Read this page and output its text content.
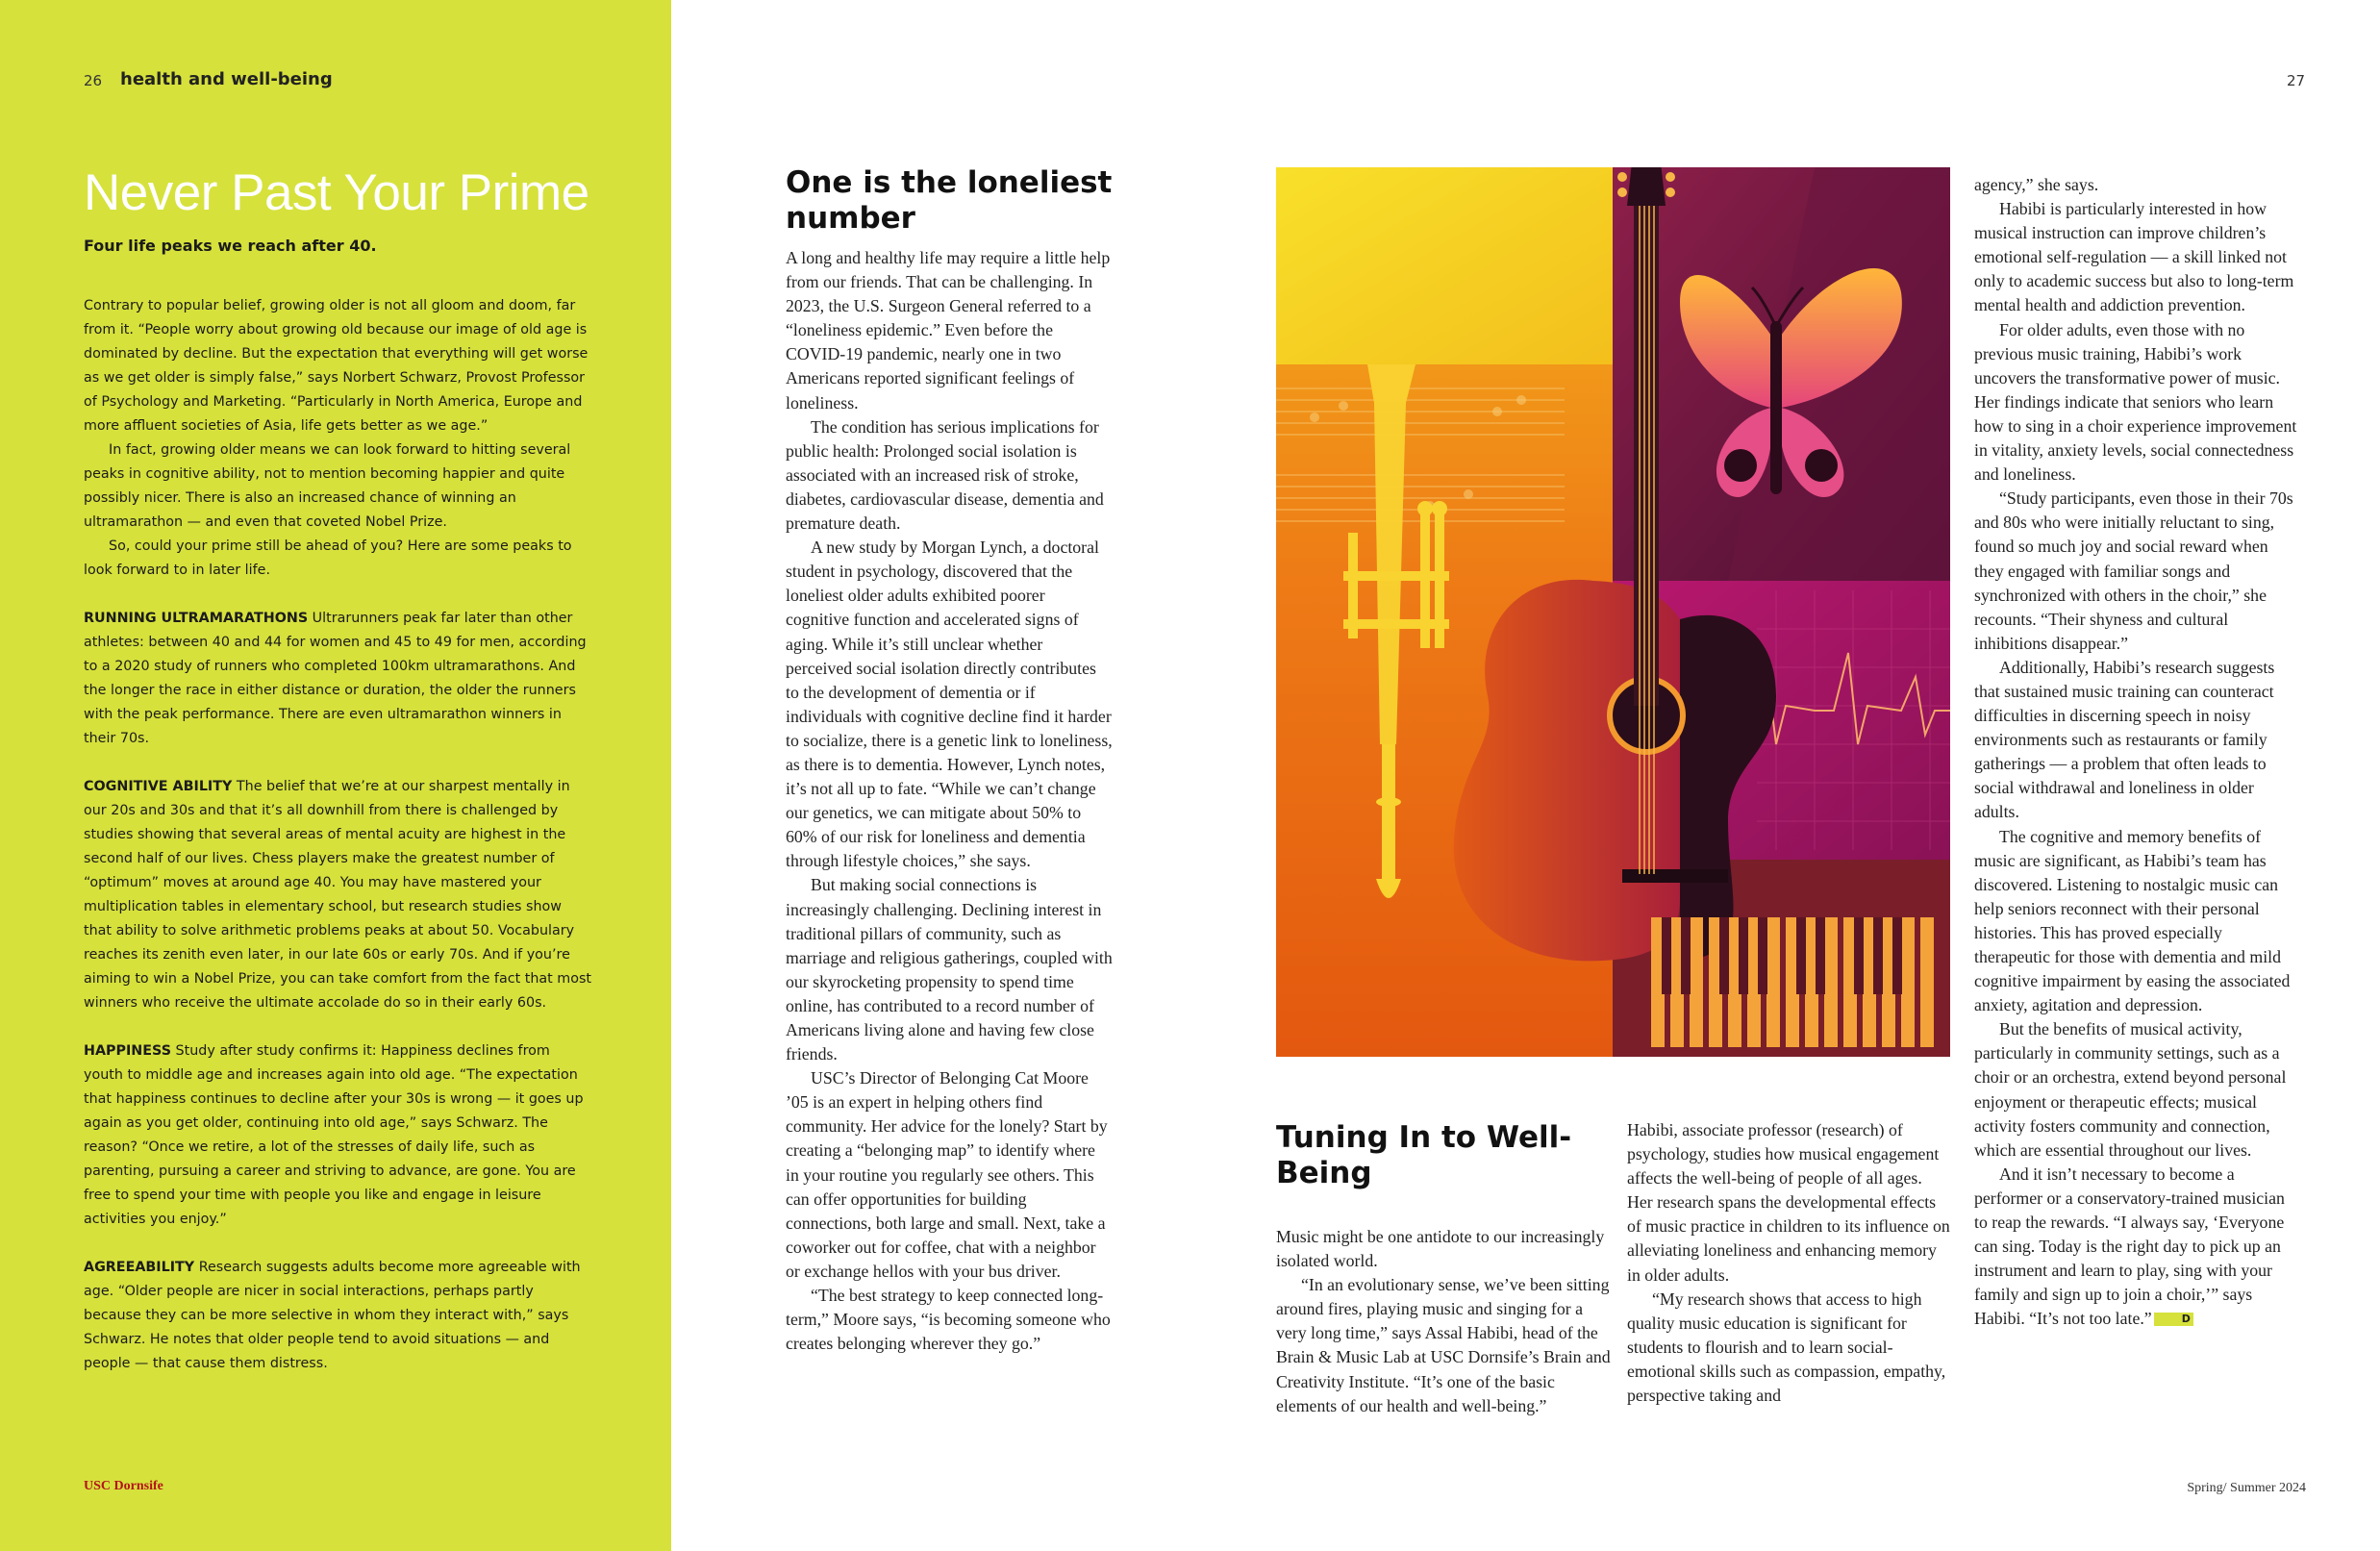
26 health and well-being
Never Past Your Prime

Four life peaks we reach after 40.

Contrary to popular belief, growing older is not all gloom and doom, far from it. “People worry about growing old because our image of old age is dominated by decline. But the expectation that everything will get worse as we get older is simply false,” says Norbert Schwarz, Provost Professor of Psychology and Marketing. “Particularly in North America, Europe and more affluent societies of Asia, life gets better as we age.”

In fact, growing older means we can look forward to hitting several peaks in cognitive ability, not to mention becoming happier and quite possibly nicer. There is also an increased chance of winning an ultramarathon — and even that coveted Nobel Prize.

So, could your prime still be ahead of you? Here are some peaks to look forward to in later life.

RUNNING ULTRAMARATHONS Ultrarunners peak far later than other athletes: between 40 and 44 for women and 45 to 49 for men, according to a 2020 study of runners who completed 100km ultramarathons. And the longer the race in either distance or duration, the older the runners with the peak performance. There are even ultramarathon winners in their 70s.

COGNITIVE ABILITY The belief that we’re at our sharpest mentally in our 20s and 30s and that it’s all downhill from there is challenged by studies showing that several areas of mental acuity are highest in the second half of our lives. Chess players make the greatest number of “optimum” moves at around age 40. You may have mastered your multiplication tables in elementary school, but research studies show that ability to solve arithmetic problems peaks at about 50. Vocabulary reaches its zenith even later, in our late 60s or early 70s. And if you’re aiming to win a Nobel Prize, you can take comfort from the fact that most winners who receive the ultimate accolade do so in their early 60s.

HAPPINESS Study after study confirms it: Happiness declines from youth to middle age and increases again into old age. “The expectation that happiness continues to decline after your 30s is wrong — it goes up again as you get older, continuing into old age,” says Schwarz. The reason? “Once we retire, a lot of the stresses of daily life, such as parenting, pursuing a career and striving to advance, are gone. You are free to spend your time with people you like and engage in leisure activities you enjoy.”

AGREEABILITY Research suggests adults become more agreeable with age. “Older people are nicer in social interactions, perhaps partly because they can be more selective in whom they interact with,” says Schwarz. He notes that older people tend to avoid situations — and people — that cause them distress.

USC Dornsife
One is the loneliest number

A long and healthy life may require a little help from our friends. That can be challenging. In 2023, the U.S. Surgeon General referred to a “loneliness epidemic.” Even before the COVID-19 pandemic, nearly one in two Americans reported significant feelings of loneliness.

The condition has serious implications for public health: Prolonged social isolation is associated with an increased risk of stroke, diabetes, cardiovascular disease, dementia and premature death.

A new study by Morgan Lynch, a doctoral student in psychology, discovered that the loneliest older adults exhibited poorer cognitive function and accelerated signs of aging. While it’s still unclear whether perceived social isolation directly contributes to the development of dementia or if individuals with cognitive decline find it harder to socialize, there is a genetic link to loneliness, as there is to dementia. However, Lynch notes, it’s not all up to fate. “While we can’t change our genetics, we can mitigate about 50% to 60% of our risk for loneliness and dementia through lifestyle choices,” she says.

But making social connections is increasingly challenging. Declining interest in traditional pillars of community, such as marriage and religious gatherings, coupled with our skyrocketing propensity to spend time online, has contributed to a record number of Americans living alone and having few close friends.

USC’s Director of Belonging Cat Moore ’05 is an expert in helping others find community. Her advice for the lonely? Start by creating a “belonging map” to identify where in your routine you regularly see others. This can offer opportunities for building connections, both large and small. Next, take a coworker out for coffee, chat with a neighbor or exchange hellos with your bus driver.

“The best strategy to keep connected long-term,” Moore says, “is becoming someone who creates belonging wherever they go.”

27
Tuning In to Well-Being

Music might be one antidote to our increasingly isolated world.

“In an evolutionary sense, we’ve been sitting around fires, playing music and singing for a very long time,” says Assal Habibi, head of the Brain & Music Lab at USC Dornsife’s Brain and Creativity Institute. “It’s one of the basic elements of our health and well-being.”

Habibi, associate professor (research) of psychology, studies how musical engagement affects the well-being of people of all ages. Her research spans the developmental effects of music practice in children to its influence on alleviating loneliness and enhancing memory in older adults.

“My research shows that access to high quality music education is significant for students to flourish and to learn social-emotional skills such as compassion, empathy, perspective taking and

agency,” she says.

Habibi is particularly interested in how musical instruction can improve children’s emotional self-regulation — a skill linked not only to academic success but also to long-term mental health and addiction prevention.

For older adults, even those with no previous music training, Habibi’s work uncovers the transformative power of music. Her findings indicate that seniors who learn how to sing in a choir experience improvement in vitality, anxiety levels, social connectedness and loneliness.

“Study participants, even those in their 70s and 80s who were initially reluctant to sing, found so much joy and social reward when they engaged with familiar songs and synchronized with others in the choir,” she recounts. “Their shyness and cultural inhibitions disappear.”

Additionally, Habibi’s research suggests that sustained music training can counteract difficulties in discerning speech in noisy environments such as restaurants or family gatherings — a problem that often leads to social withdrawal and loneliness in older adults.

The cognitive and memory benefits of music are significant, as Habibi’s team has discovered. Listening to nostalgic music can help seniors reconnect with their personal histories. This has proved especially therapeutic for those with dementia and mild cognitive impairment by easing the associated anxiety, agitation and depression.

But the benefits of musical activity, particularly in community settings, such as a choir or an orchestra, extend beyond personal enjoyment or therapeutic effects; musical activity fosters community and connection, which are essential throughout our lives.

And it isn’t necessary to become a performer or a conservatory-trained musician to reap the rewards. “I always say, ‘Everyone can sing. Today is the right day to pick up an instrument and learn to play, sing with your family and sign up to join a choir,’” says Habibi. “It’s not too late.”	D

Spring/ Summer 2024
